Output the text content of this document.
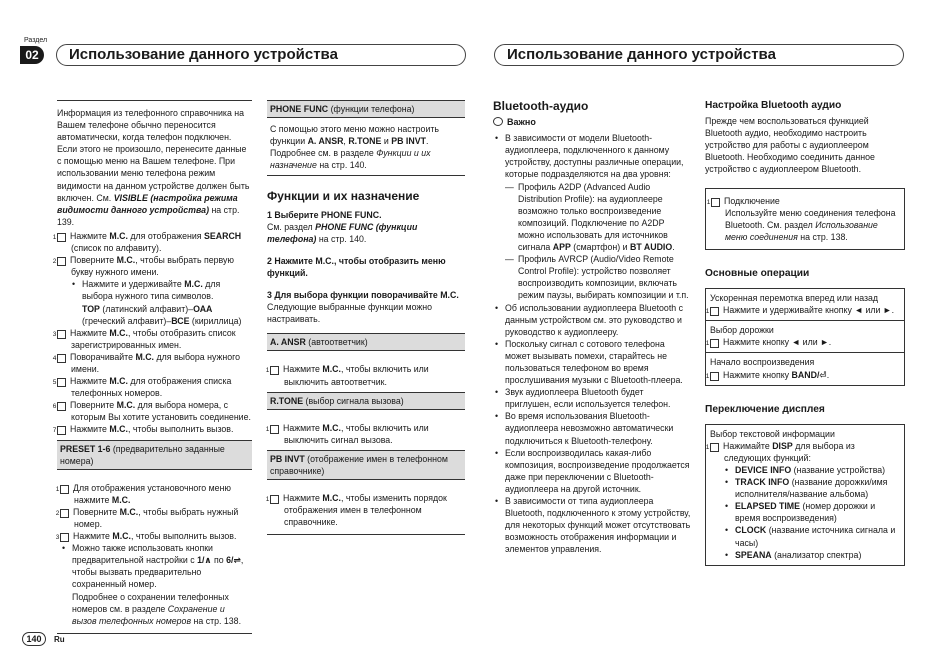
Раздел
02	Использование данного устройства	Использование данного устройства
Информация из телефонного справочника на Вашем телефоне обычно переносится автоматически, когда телефон подключен. Если этого не произошло, перенесите данные с помощью меню на Вашем телефоне. При использовании меню телефона режим видимости на данном устройстве должен быть включен. См. VISIBLE (настройка режима видимости данного устройства) на стр. 139.
1 Нажмите M.C. для отображения SEARCH (список по алфавиту).
2 Поверните M.C., чтобы выбрать первую букву нужного имени.
• Нажмите и удерживайте M.C. для выбора нужного типа символов.
TOP (латинский алфавит)–ОАА (греческий алфавит)–ВСЕ (кириллица)
3 Нажмите M.C., чтобы отобразить список зарегистрированных имен.
4 Поворачивайте M.C. для выбора нужного имени.
5 Нажмите M.C. для отображения списка телефонных номеров.
6 Поверните M.C. для выбора номера, с которым Вы хотите установить соединение.
7 Нажмите M.C., чтобы выполнить вызов.
PRESET 1-6 (предварительно заданные номера)
1 Для отображения установочного меню нажмите M.C.
2 Поверните M.C., чтобы выбрать нужный номер.
3 Нажмите M.C., чтобы выполнить вызов.
• Можно также использовать кнопки предварительной настройки с 1/∧ по 6/⇌, чтобы вызвать предварительно сохраненный номер.
Подробнее о сохранении телефонных номеров см. в разделе Сохранение и вызов телефонных номеров на стр. 138.
PHONE FUNC (функции телефона)
С помощью этого меню можно настроить функции A. ANSR, R.TONE и PB INVT. Подробнее см. в разделе Функции и их назначение на стр. 140.
Функции и их назначение
1 Выберите PHONE FUNC.
См. раздел PHONE FUNC (функции телефона) на стр. 140.
2 Нажмите M.C., чтобы отобразить меню функций.
3 Для выбора функции поворачивайте M.C.
Следующие выбранные функции можно настраивать.
A. ANSR (автоответчик)
1 Нажмите M.C., чтобы включить или выключить автоответчик.
R.TONE (выбор сигнала вызова)
1 Нажмите M.C., чтобы включить или выключить сигнал вызова.
PB INVT (отображение имен в телефонном справочнике)
1 Нажмите M.C., чтобы изменить порядок отображения имен в телефонном справочнике.
Bluetooth-аудио
Важно
• В зависимости от модели Bluetooth-аудиоплеера, подключенного к данному устройству, доступны различные операции, которые подразделяются на два уровня:
— Профиль A2DP (Advanced Audio Distribution Profile): на аудиоплеере возможно только воспроизведение композиций. Подключение по A2DP можно использовать для источников сигнала APP (смартфон) и BT AUDIO.
— Профиль AVRCP (Audio/Video Remote Control Profile): устройство позволяет воспроизводить композиции, включать режим паузы, выбирать композиции и т.п.
• Об использовании аудиоплеера Bluetooth с данным устройством см. это руководство и руководство к аудиоплееру.
• Поскольку сигнал с сотового телефона может вызывать помехи, старайтесь не пользоваться телефоном во время прослушивания музыки с Bluetooth-плеера.
• Звук аудиоплеера Bluetooth будет приглушен, если используется телефон.
• Во время использования Bluetooth-аудиоплеера невозможно автоматически подключиться к Bluetooth-телефону.
• Если воспроизводилась какая-либо композиция, воспроизведение продолжается даже при переключении с Bluetooth-аудиоплеера на другой источник.
• В зависимости от типа аудиоплеера Bluetooth, подключенного к этому устройству, для некоторых функций может отсутствовать возможность отображения информации и элементов управления.
Настройка Bluetooth аудио
Прежде чем воспользоваться функцией Bluetooth аудио, необходимо настроить устройство для работы с аудиоплеером Bluetooth. Необходимо соединить данное устройство с аудиоплеером Bluetooth.
1 Подключение
Используйте меню соединения телефона Bluetooth. См. раздел Использование меню соединения на стр. 138.
Основные операции
Ускоренная перемотка вперед или назад
1 Нажмите и удерживайте кнопку ◄ или ►.
Выбор дорожки
1 Нажмите кнопку ◄ или ►.
Начало воспроизведения
1 Нажмите кнопку BAND/⏎.
Переключение дисплея
Выбор текстовой информации
1 Нажимайте DISP для выбора из следующих функций:
• DEVICE INFO (название устройства)
• TRACK INFO (название дорожки/имя исполнителя/название альбома)
• ELAPSED TIME (номер дорожки и время воспроизведения)
• CLOCK (название источника сигнала и часы)
• SPEANA (анализатор спектра)
140	Ru
